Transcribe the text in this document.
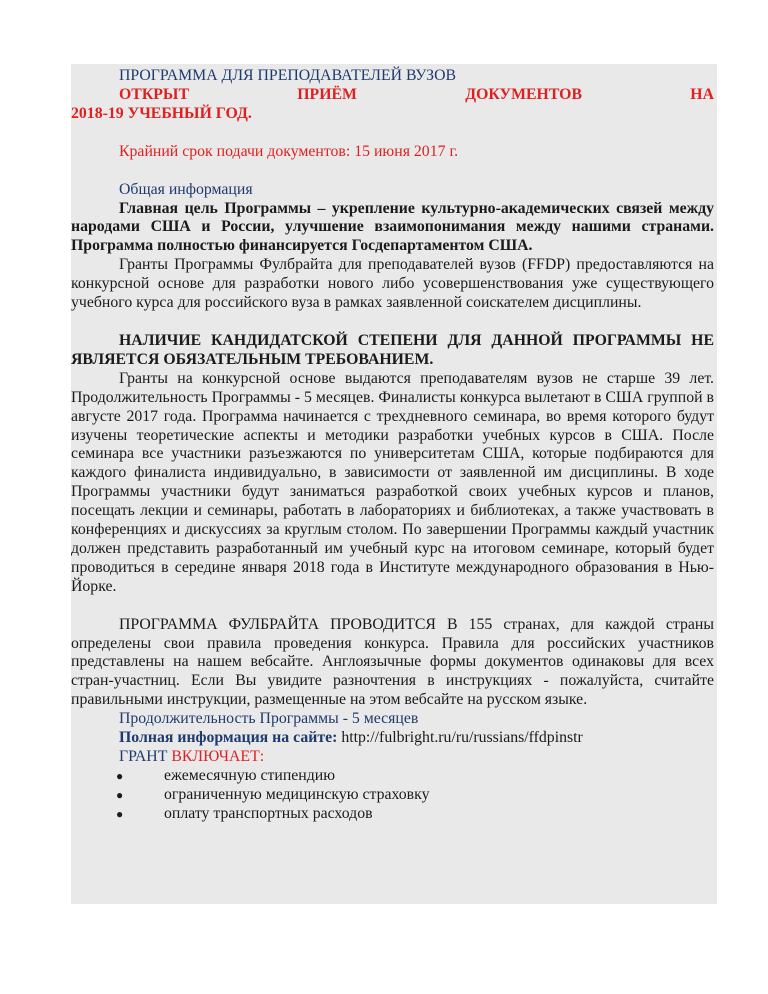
ПРОГРАММА ДЛЯ ПРЕПОДАВАТЕЛЕЙ ВУЗОВ

ОТКРЫТ	ПРИЁМ	ДОКУМЕНТОВ	НА

2018-19 УЧЕБНЫЙ ГОД.

Крайний срок подачи документов: 15 июня 2017 г.

Общая информация

Главная цель Программы – укрепление культурно-академических связей между народами США и России, улучшение взаимопонимания между нашими странами. Программа полностью финансируется Госдепартаментом США.

Гранты Программы Фулбрайта для преподавателей вузов (FFDP) предоставляются на конкурсной основе для разработки нового либо усовершенствования уже существующего учебного курса для российского вуза в рамках заявленной соискателем дисциплины.

НАЛИЧИЕ КАНДИДАТСКОЙ СТЕПЕНИ ДЛЯ ДАННОЙ ПРОГРАММЫ НЕ ЯВЛЯЕТСЯ ОБЯЗАТЕЛЬНЫМ ТРЕБОВАНИЕМ.

Гранты на конкурсной основе выдаются преподавателям вузов не старше 39 лет. Продолжительность Программы - 5 месяцев. Финалисты конкурса вылетают в США группой в августе 2017 года. Программа начинается с трехдневного семинара, во время которого будут изучены теоретические аспекты и методики разработки учебных курсов в США. После семинара все участники разъезжаются по университетам США, которые подбираются для каждого финалиста индивидуально, в зависимости от заявленной им дисциплины. В ходе Программы участники будут заниматься разработкой своих учебных курсов и планов, посещать лекции и семинары, работать в лабораториях и библиотеках, а также участвовать в конференциях и дискуссиях за круглым столом. По завершении Программы каждый участник должен представить разработанный им учебный курс на итоговом семинаре, который будет проводиться в середине января 2018 года в Институте международного образования в Нью-Йорке.

ПРОГРАММА ФУЛБРАЙТА ПРОВОДИТСЯ В 155 странах, для каждой страны определены свои правила проведения конкурса. Правила для российских участников представлены на нашем вебсайте. Англоязычные формы документов одинаковы для всех стран-участниц. Если Вы увидите разночтения в инструкциях - пожалуйста, считайте правильными инструкции, размещенные на этом вебсайте на русском языке.

Продолжительность Программы - 5 месяцев

Полная информация на сайте: http://fulbright.ru/ru/russians/ffdpinstr

ГРАНТ ВКЛЮЧАЕТ:

●	ежемесячную стипендию
●	ограниченную медицинскую страховку
●	оплату транспортных расходов
